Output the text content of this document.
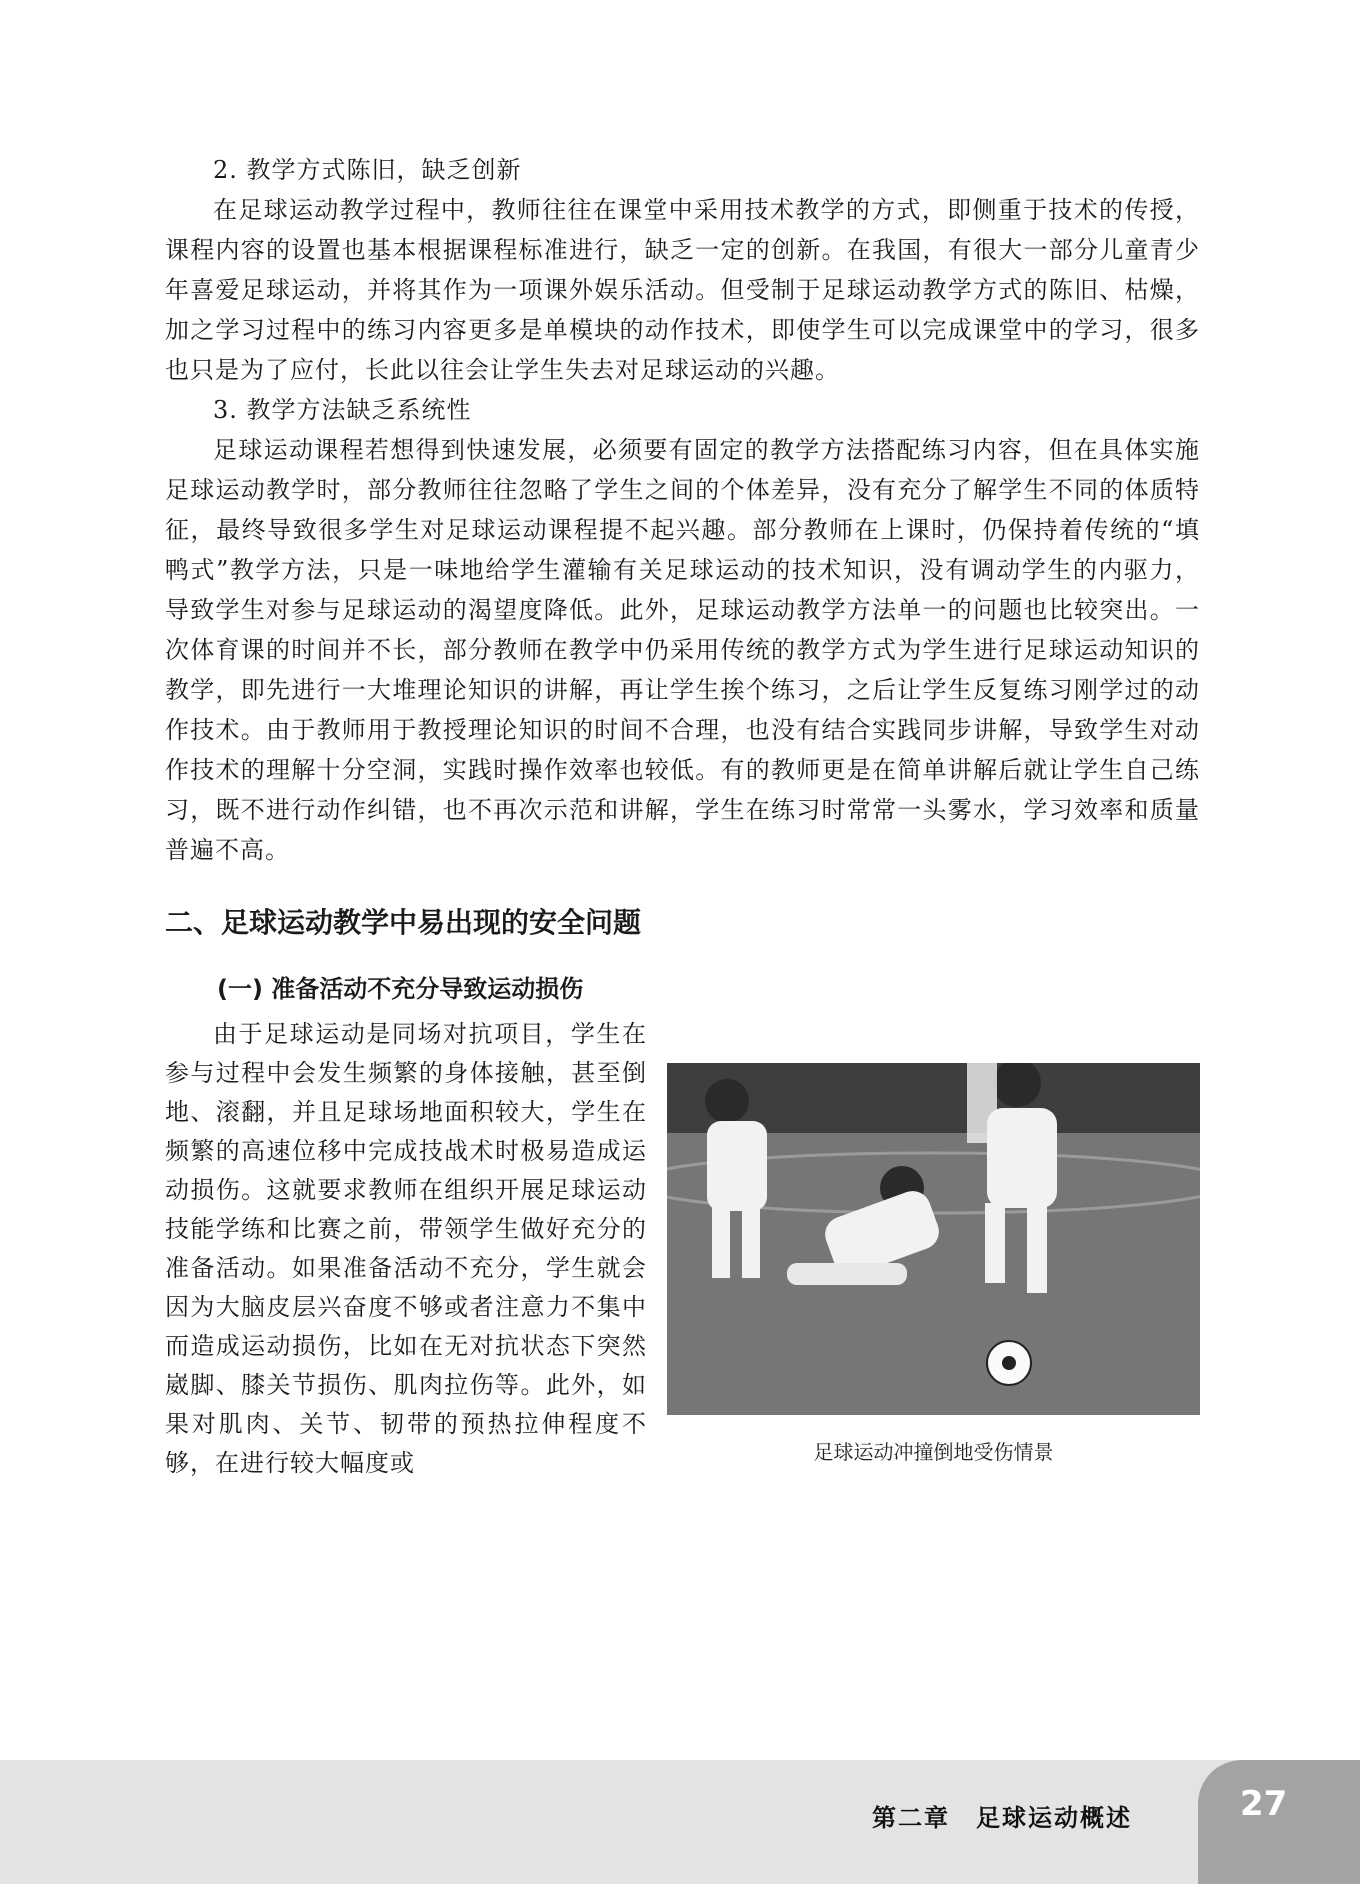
2. 教学方式陈旧，缺乏创新

在足球运动教学过程中，教师往往在课堂中采用技术教学的方式，即侧重于技术的传授，课程内容的设置也基本根据课程标准进行，缺乏一定的创新。在我国，有很大一部分儿童青少年喜爱足球运动，并将其作为一项课外娱乐活动。但受制于足球运动教学方式的陈旧、枯燥，加之学习过程中的练习内容更多是单模块的动作技术，即使学生可以完成课堂中的学习，很多也只是为了应付，长此以往会让学生失去对足球运动的兴趣。

3. 教学方法缺乏系统性

足球运动课程若想得到快速发展，必须要有固定的教学方法搭配练习内容，但在具体实施足球运动教学时，部分教师往往忽略了学生之间的个体差异，没有充分了解学生不同的体质特征，最终导致很多学生对足球运动课程提不起兴趣。部分教师在上课时，仍保持着传统的“填鸭式”教学方法，只是一味地给学生灌输有关足球运动的技术知识，没有调动学生的内驱力，导致学生对参与足球运动的渴望度降低。此外，足球运动教学方法单一的问题也比较突出。一次体育课的时间并不长，部分教师在教学中仍采用传统的教学方式为学生进行足球运动知识的教学，即先进行一大堆理论知识的讲解，再让学生挨个练习，之后让学生反复练习刚学过的动作技术。由于教师用于教授理论知识的时间不合理，也没有结合实践同步讲解，导致学生对动作技术的理解十分空洞，实践时操作效率也较低。有的教师更是在简单讲解后就让学生自己练习，既不进行动作纠错，也不再次示范和讲解，学生在练习时常常一头雾水，学习效率和质量普遍不高。

二、足球运动教学中易出现的安全问题
(一) 准备活动不充分导致运动损伤
足球运动冲撞倒地受伤情景

由于足球运动是同场对抗项目，学生在参与过程中会发生频繁的身体接触，甚至倒地、滚翻，并且足球场地面积较大，学生在频繁的高速位移中完成技战术时极易造成运动损伤。这就要求教师在组织开展足球运动技能学练和比赛之前，带领学生做好充分的准备活动。如果准备活动不充分，学生就会因为大脑皮层兴奋度不够或者注意力不集中而造成运动损伤，比如在无对抗状态下突然崴脚、膝关节损伤、肌肉拉伤等。此外，如果对肌肉、关节、韧带的预热拉伸程度不够，在进行较大幅度或

第二章　足球运动概述	27
